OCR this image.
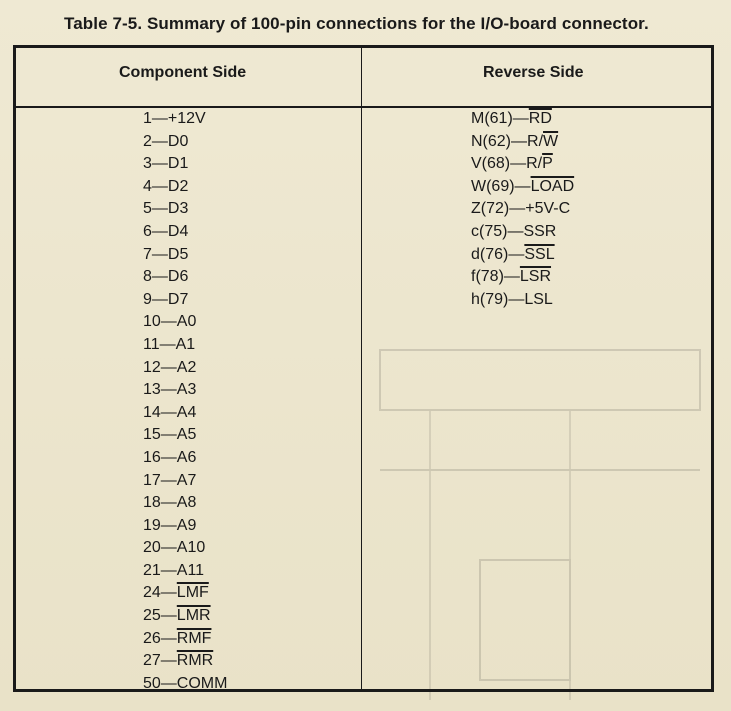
Table 7-5. Summary of 100-pin connections for the I/O-board connector.
Component Side	Reverse Side
1—+12V
2—D0
3—D1
4—D2
5—D3
6—D4
7—D5
8—D6
9—D7
10—A0
11—A1
12—A2
13—A3
14—A4
15—A5
16—A6
17—A7
18—A8
19—A9
20—A10
21—A11
$24—\overline{LMF}$
$25—\overline{LMR}$
$26—\overline{RMF}$
$27—\overline{RMR}$
50—COMM
$M(61)—\overline{RD}$
$N(62)—R/\overline{W}$
$V(68)—R/\overline{P}$
W(69)—LOAD
Z(72)—+5V-C
c(75)—SSR
$d(76)—\overline{SSL}$
$f(78)—\overline{LSR}$
h(79)—LSL
